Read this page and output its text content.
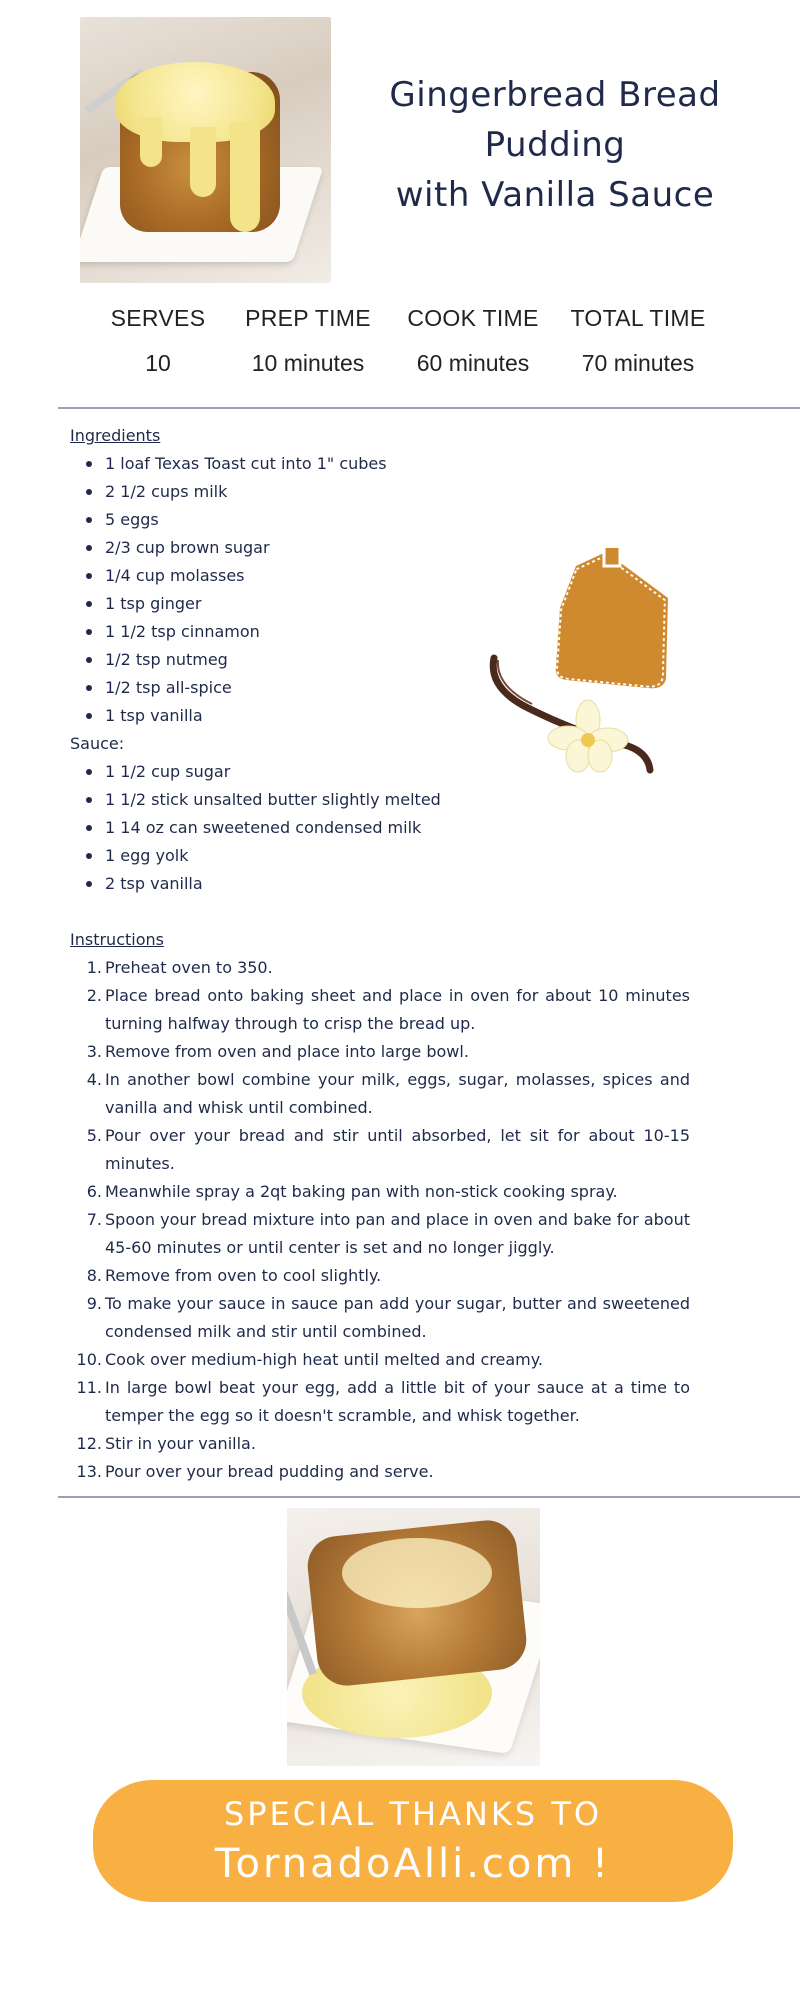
Gingerbread Bread Pudding
with Vanilla Sauce
SERVES
10
PREP TIME
10 minutes
COOK TIME
60 minutes
TOTAL TIME
70 minutes
Ingredients
1 loaf Texas Toast cut into 1" cubes
2 1/2 cups milk
5 eggs
2/3 cup brown sugar
1/4 cup molasses
1 tsp ginger
1 1/2 tsp cinnamon
1/2 tsp nutmeg
1/2 tsp all-spice
1 tsp vanilla
Sauce:
1 1/2 cup sugar
1 1/2 stick unsalted butter slightly melted
1 14 oz can sweetened condensed milk
1 egg yolk
2 tsp vanilla
Instructions
1. Preheat oven to 350.
2. Place bread onto baking sheet and place in oven for about 10 minutes turning halfway through to crisp the bread up.
3. Remove from oven and place into large bowl.
4. In another bowl combine your milk, eggs, sugar, molasses, spices and vanilla and whisk until combined.
5. Pour over your bread and stir until absorbed, let sit for about 10-15 minutes.
6. Meanwhile spray a 2qt baking pan with non-stick cooking spray.
7. Spoon your bread mixture into pan and place in oven and bake for about 45-60 minutes or until center is set and no longer jiggly.
8. Remove from oven to cool slightly.
9. To make your sauce in sauce pan add your sugar, butter and sweetened condensed milk and stir until combined.
10. Cook over medium-high heat until melted and creamy.
11. In large bowl beat your egg, add a little bit of your sauce at a time to temper the egg so it doesn't scramble, and whisk together.
12. Stir in your vanilla.
13. Pour over your bread pudding and serve.
SPECIAL THANKS TO
TornadoAlli.com !
